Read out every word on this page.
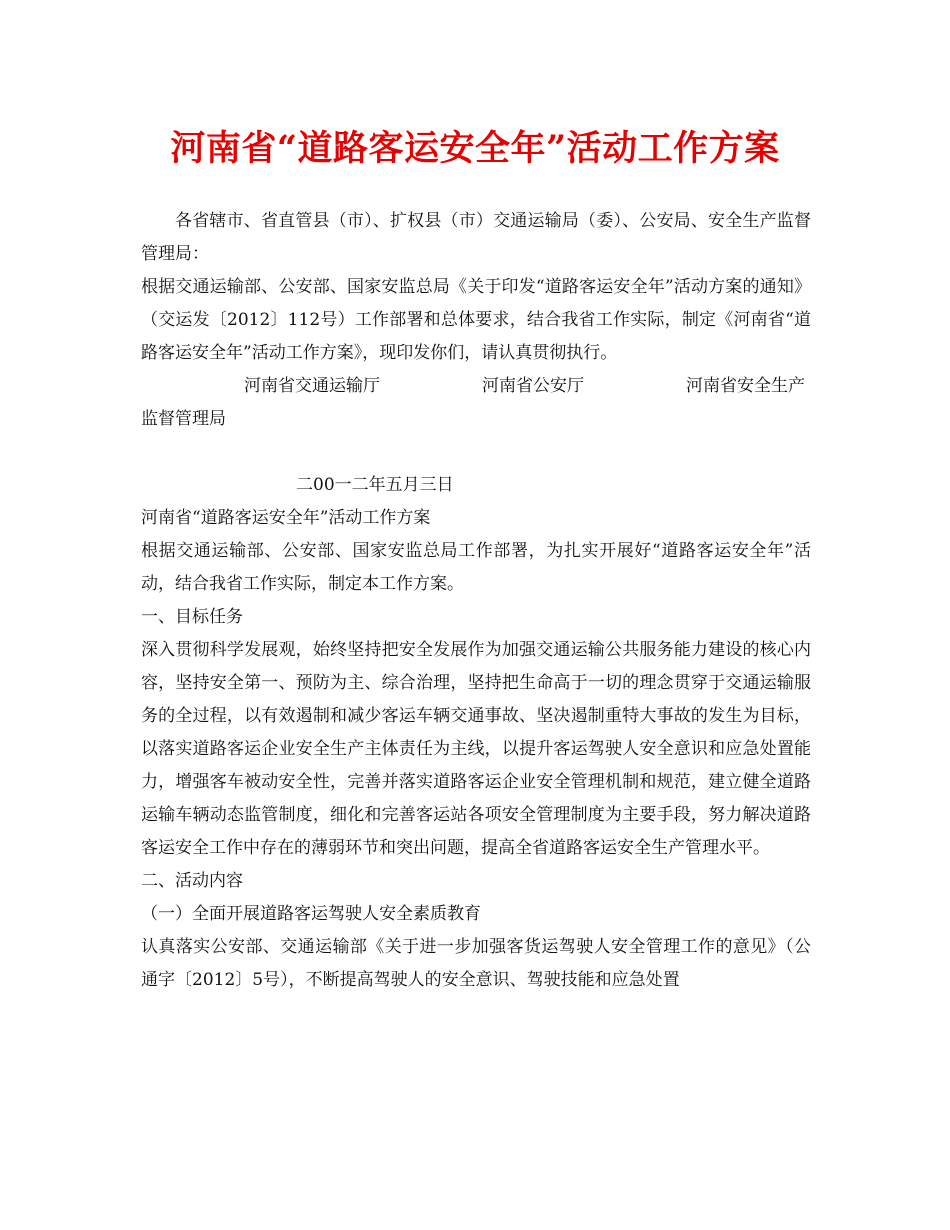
河南省“道路客运安全年”活动工作方案

各省辖市、省直管县（市）、扩权县（市）交通运输局（委）、公安局、安全生产监督管理局：

根据交通运输部、公安部、国家安监总局《关于印发“道路客运安全年”活动方案的通知》（交运发〔2012〕112号）工作部署和总体要求，结合我省工作实际，制定《河南省“道路客运安全年”活动工作方案》，现印发你们，请认真贯彻执行。

河南省交通运输厅　　　　　　河南省公安厅　　　　　　河南省安全生产
监督管理局

二00一二年五月三日

河南省“道路客运安全年”活动工作方案

根据交通运输部、公安部、国家安监总局工作部署，为扎实开展好“道路客运安全年”活动，结合我省工作实际，制定本工作方案。

一、目标任务

深入贯彻科学发展观，始终坚持把安全发展作为加强交通运输公共服务能力建设的核心内容，坚持安全第一、预防为主、综合治理，坚持把生命高于一切的理念贯穿于交通运输服务的全过程，以有效遏制和减少客运车辆交通事故、坚决遏制重特大事故的发生为目标，以落实道路客运企业安全生产主体责任为主线，以提升客运驾驶人安全意识和应急处置能力，增强客车被动安全性，完善并落实道路客运企业安全管理机制和规范，建立健全道路运输车辆动态监管制度，细化和完善客运站各项安全管理制度为主要手段，努力解决道路客运安全工作中存在的薄弱环节和突出问题，提高全省道路客运安全生产管理水平。

二、活动内容

（一）全面开展道路客运驾驶人安全素质教育

认真落实公安部、交通运输部《关于进一步加强客货运驾驶人安全管理工作的意见》（公通字〔2012〕5号），不断提高驾驶人的安全意识、驾驶技能和应急处置
